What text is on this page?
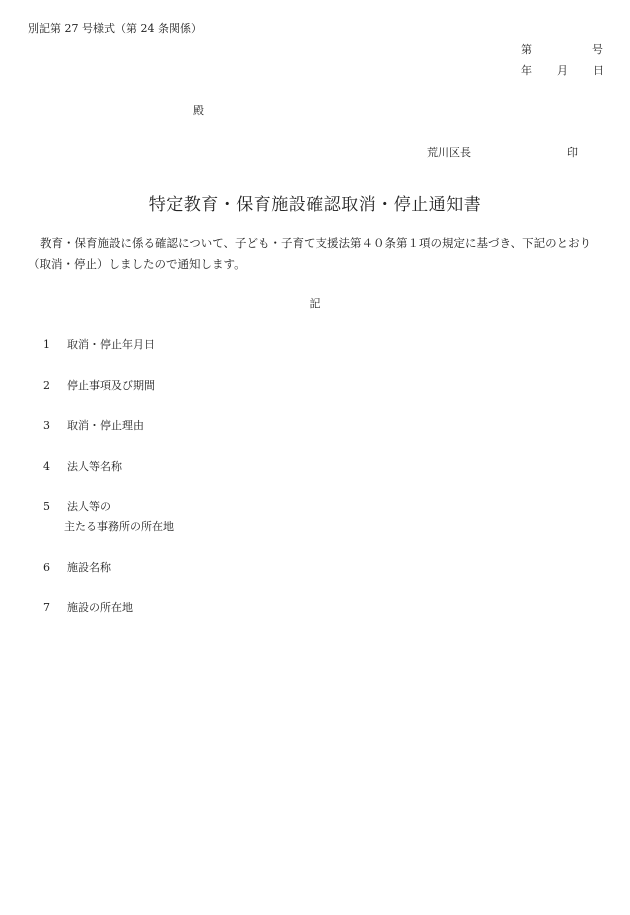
別記第 27 号様式（第 24 条関係）
第	号
年 月 日
殿
荒川区長	印
特定教育・保育施設確認取消・停止通知書
教育・保育施設に係る確認について、子ども・子育て支援法第４０条第１項の規定に基づき、下記のとおり
（取消・停止）しましたので通知します。
記
1 取消・停止年月日
2 停止事項及び期間
3 取消・停止理由
4 法人等名称
5 法人等の
主たる事務所の所在地
6 施設名称
7 施設の所在地
